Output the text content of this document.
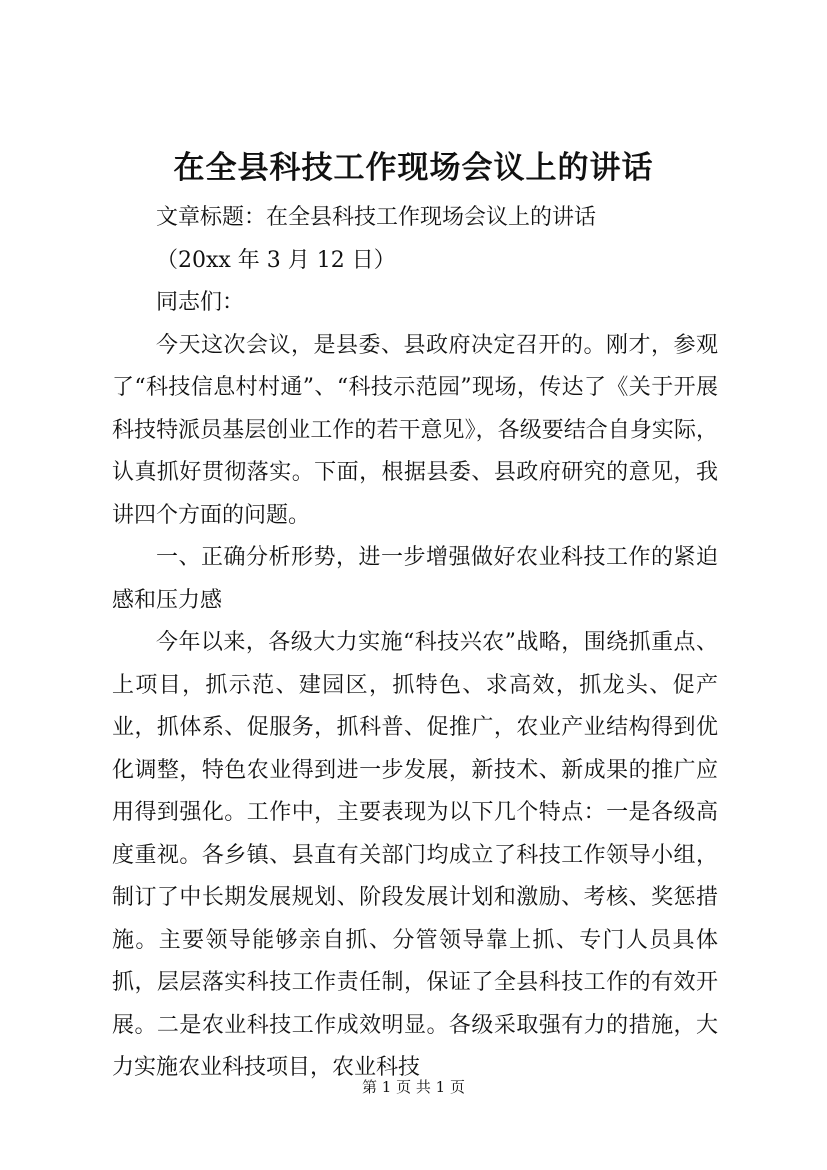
在全县科技工作现场会议上的讲话

文章标题：在全县科技工作现场会议上的讲话

（20xx 年 3 月 12 日）

同志们：

今天这次会议，是县委、县政府决定召开的。刚才，参观了“科技信息村村通”、“科技示范园”现场，传达了《关于开展科技特派员基层创业工作的若干意见》，各级要结合自身实际，认真抓好贯彻落实。下面，根据县委、县政府研究的意见，我讲四个方面的问题。

一、正确分析形势，进一步增强做好农业科技工作的紧迫感和压力感

今年以来，各级大力实施“科技兴农”战略，围绕抓重点、上项目，抓示范、建园区，抓特色、求高效，抓龙头、促产业，抓体系、促服务，抓科普、促推广，农业产业结构得到优化调整，特色农业得到进一步发展，新技术、新成果的推广应用得到强化。工作中，主要表现为以下几个特点：一是各级高度重视。各乡镇、县直有关部门均成立了科技工作领导小组，制订了中长期发展规划、阶段发展计划和激励、考核、奖惩措施。主要领导能够亲自抓、分管领导靠上抓、专门人员具体抓，层层落实科技工作责任制，保证了全县科技工作的有效开展。二是农业科技工作成效明显。各级采取强有力的措施，大力实施农业科技项目，农业科技

第 1 页 共 1 页
